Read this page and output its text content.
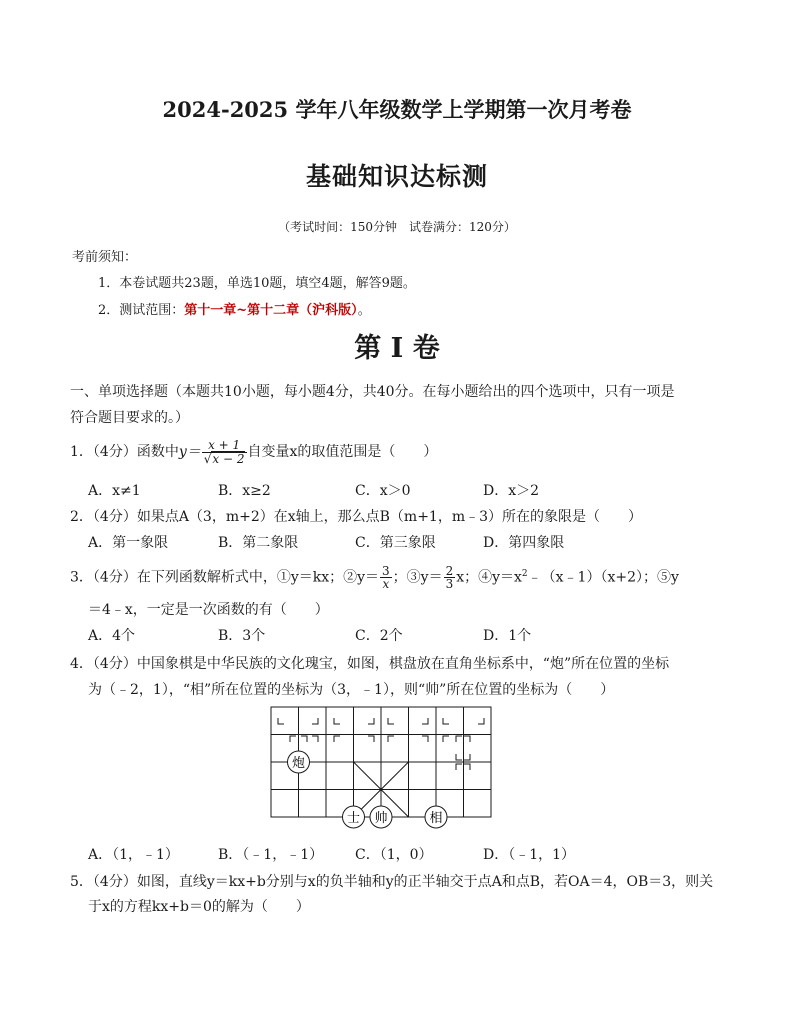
2024-2025 学年八年级数学上学期第一次月考卷
基础知识达标测
（考试时间：150分钟　试卷满分：120分）
考前须知：
1．本卷试题共23题，单选10题，填空4题，解答9题。
2．测试范围：第十一章~第十二章（沪科版）。
第 I 卷
一、单项选择题（本题共10小题，每小题4分，共40分。在每小题给出的四个选项中，只有一项是
符合题目要求的。）
1．（4分）函数中$y= \frac{x + 1}{√x - 2}$ 自变量x的取值范围是（　　）
A．x≠1	B．x≥2	C．x＞0	D．x＞2
2．（4分）如果点A（3，m+2）在x轴上，那么点B（m+1，m﹣3）所在的象限是（　　）
A．第一象限	B．第二象限	C．第三象限	D．第四象限
3．（4分）在下列函数解析式中，①y＝kx；②y＝ $\frac{3}{x}$ ；③y＝ $\frac{2}{3}$ x；$④y=x^2﹣(x﹣1)(x+2)$；⑤y
＝4﹣x，一定是一次函数的有（　　）
A．4个	B．3个	C．2个	D．1个
4．（4分）中国象棋是中华民族的文化瑰宝，如图，棋盘放在直角坐标系中，“炮”所在位置的坐标
为（﹣2，1），“相”所在位置的坐标为（3，﹣1），则“帅”所在位置的坐标为（　　）
炮
士 帅	相
A．（1，﹣1）	B．（﹣1，﹣1） C．（1，0）	D．（﹣1，1）
5．（4分）如图，直线y＝kx+b分别与x的负半轴和y的正半轴交于点A和点B，若OA＝4，OB＝3，则关
于x的方程kx+b＝0的解为（　　）
